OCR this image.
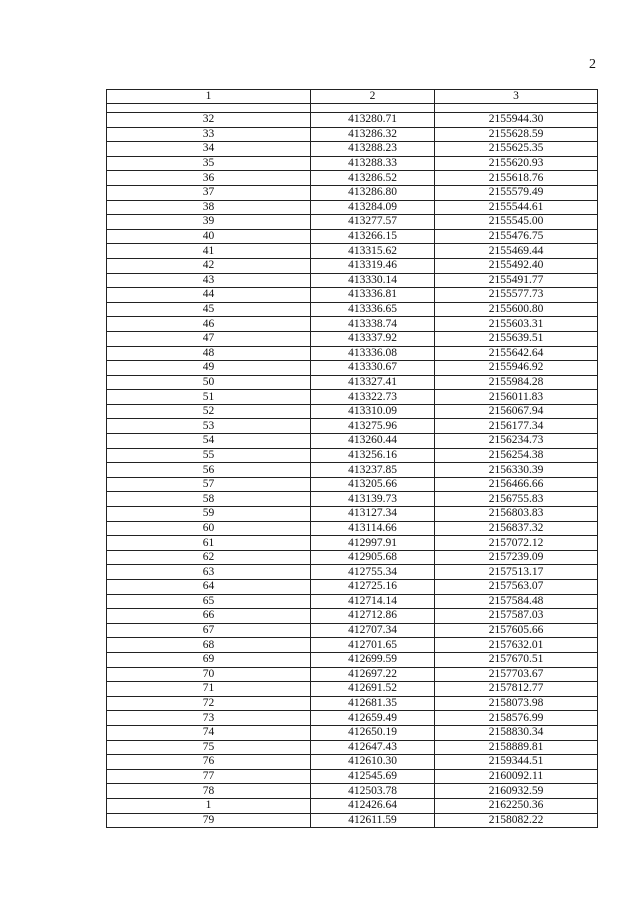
2
1	2	3

32	413280.71	2155944.30
33	413286.32	2155628.59
34	413288.23	2155625.35
35	413288.33	2155620.93
36	413286.52	2155618.76
37	413286.80	2155579.49
38	413284.09	2155544.61
39	413277.57	2155545.00
40	413266.15	2155476.75
41	413315.62	2155469.44
42	413319.46	2155492.40
43	413330.14	2155491.77
44	413336.81	2155577.73
45	413336.65	2155600.80
46	413338.74	2155603.31
47	413337.92	2155639.51
48	413336.08	2155642.64
49	413330.67	2155946.92
50	413327.41	2155984.28
51	413322.73	2156011.83
52	413310.09	2156067.94
53	413275.96	2156177.34
54	413260.44	2156234.73
55	413256.16	2156254.38
56	413237.85	2156330.39
57	413205.66	2156466.66
58	413139.73	2156755.83
59	413127.34	2156803.83
60	413114.66	2156837.32
61	412997.91	2157072.12
62	412905.68	2157239.09
63	412755.34	2157513.17
64	412725.16	2157563.07
65	412714.14	2157584.48
66	412712.86	2157587.03
67	412707.34	2157605.66
68	412701.65	2157632.01
69	412699.59	2157670.51
70	412697.22	2157703.67
71	412691.52	2157812.77
72	412681.35	2158073.98
73	412659.49	2158576.99
74	412650.19	2158830.34
75	412647.43	2158889.81
76	412610.30	2159344.51
77	412545.69	2160092.11
78	412503.78	2160932.59
1	412426.64	2162250.36
79	412611.59	2158082.22
